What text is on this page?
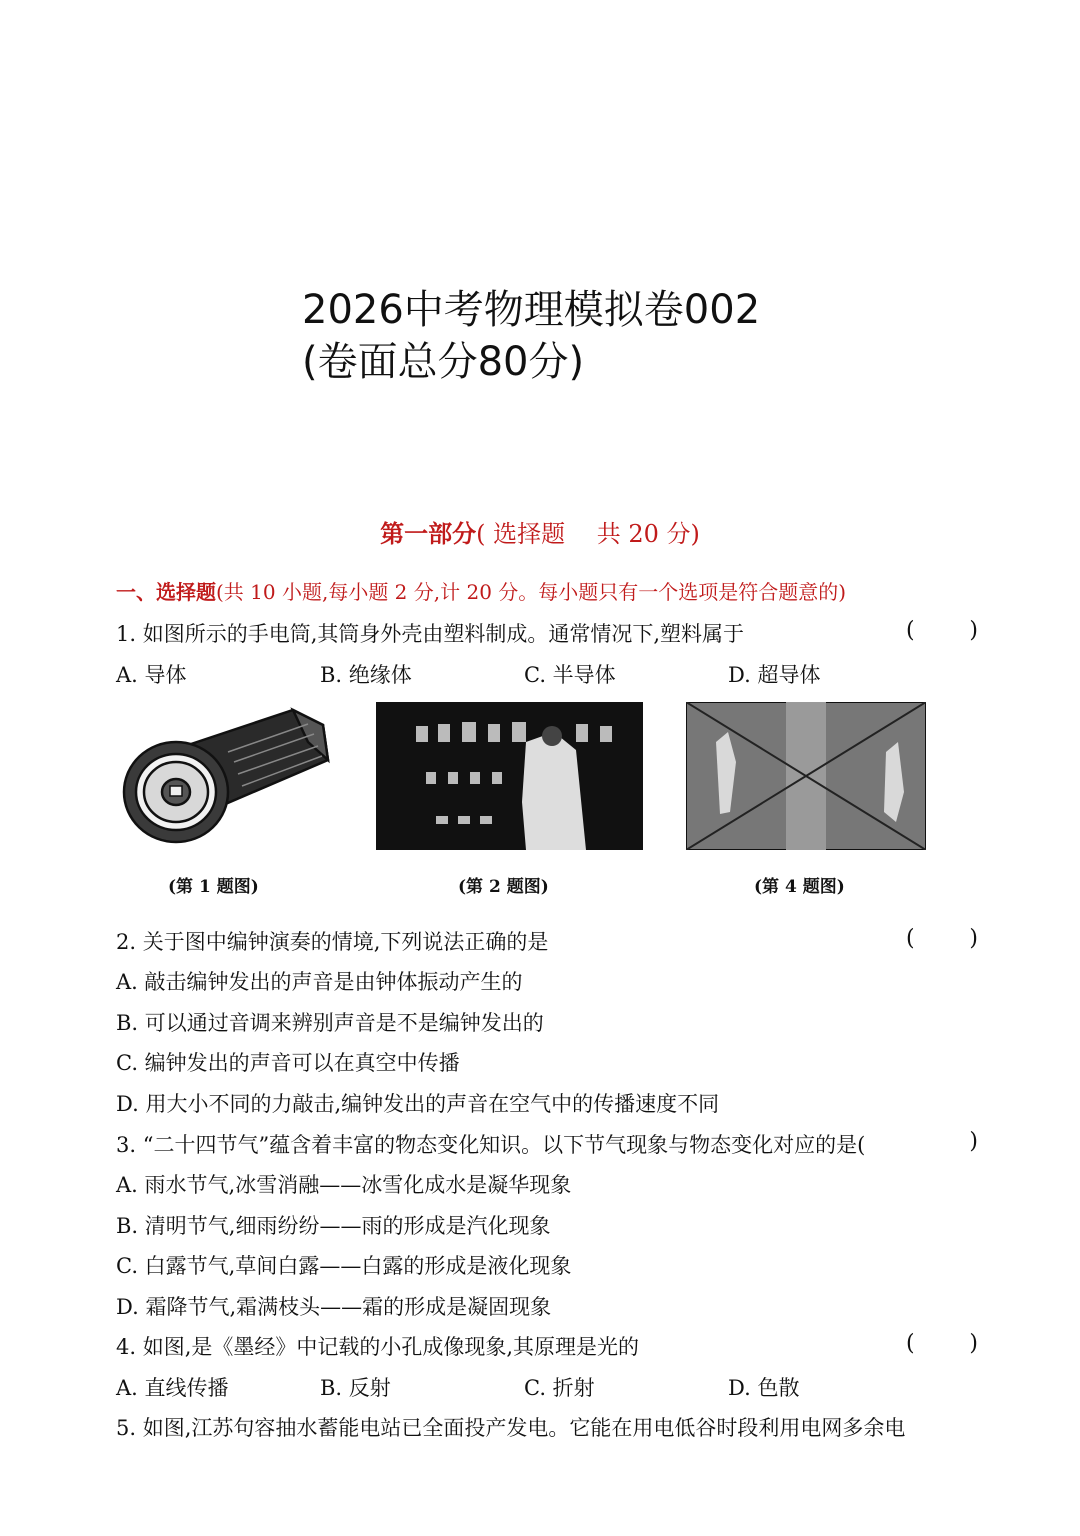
2026中考物理模拟卷002
(卷面总分80分)
第一部分( 选择题　 共 20 分)
一、选择题(共 10 小题,每小题 2 分,计 20 分。每小题只有一个选项是符合题意的)
1. 如图所示的手电筒,其筒身外壳由塑料制成。通常情况下,塑料属于	( )
A. 导体	B. 绝缘体	C. 半导体	D. 超导体
(第 1 题图)	(第 2 题图)	(第 4 题图)
2. 关于图中编钟演奏的情境,下列说法正确的是	( )
A. 敲击编钟发出的声音是由钟体振动产生的
B. 可以通过音调来辨别声音是不是编钟发出的
C. 编钟发出的声音可以在真空中传播
D. 用大小不同的力敲击,编钟发出的声音在空气中的传播速度不同
3. “二十四节气”蕴含着丰富的物态变化知识。以下节气现象与物态变化对应的是(	)
A. 雨水节气,冰雪消融——冰雪化成水是凝华现象
B. 清明节气,细雨纷纷——雨的形成是汽化现象
C. 白露节气,草间白露——白露的形成是液化现象
D. 霜降节气,霜满枝头——霜的形成是凝固现象
4. 如图,是《墨经》中记载的小孔成像现象,其原理是光的	( )
A. 直线传播	B. 反射	C. 折射	D. 色散
5. 如图,江苏句容抽水蓄能电站已全面投产发电。它能在用电低谷时段利用电网多余电
